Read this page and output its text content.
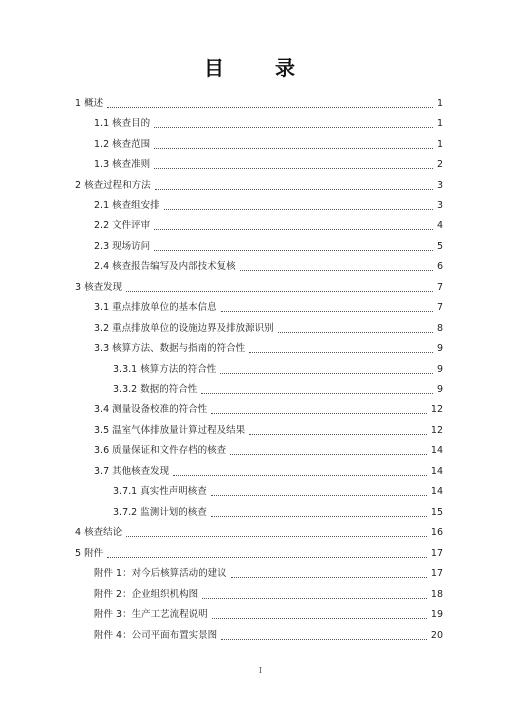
目 录
1 概述	1
1.1 核查目的	1
1.2 核查范围	1
1.3 核查准则	2
2 核查过程和方法	3
2.1 核查组安排	3
2.2 文件评审	4
2.3 现场访问	5
2.4 核查报告编写及内部技术复核	6
3 核查发现	7
3.1 重点排放单位的基本信息	7
3.2 重点排放单位的设施边界及排放源识别	8
3.3 核算方法、数据与指南的符合性	9
3.3.1 核算方法的符合性	9
3.3.2 数据的符合性	9
3.4 测量设备校准的符合性	12
3.5 温室气体排放量计算过程及结果	12
3.6 质量保证和文件存档的核查	14
3.7 其他核查发现	14
3.7.1 真实性声明核查	14
3.7.2 监测计划的核查	15
4 核查结论	16
5 附件	17
附件 1：对今后核算活动的建议	17
附件 2：企业组织机构图	18
附件 3：生产工艺流程说明	19
附件 4：公司平面布置实景图	20
I
